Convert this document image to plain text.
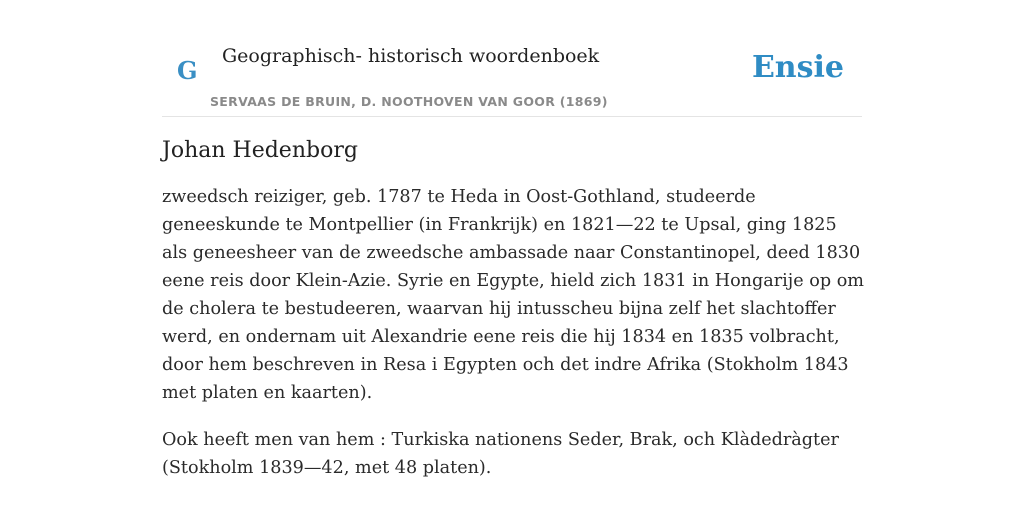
G Geographisch- historisch woordenboek
SERVAAS DE BRUIN, D. NOOTHOVEN VAN GOOR (1869)
Ensie
Johan Hedenborg

zweedsch reiziger, geb. 1787 te Heda in Oost-Gothland, studeerde geneeskunde te Montpellier (in Frankrijk) en 1821—22 te Upsal, ging 1825 als geneesheer van de zweedsche ambassade naar Constantinopel, deed 1830 eene reis door Klein-Azie. Syrie en Egypte, hield zich 1831 in Hongarije op om de cholera te bestudeeren, waarvan hij intusscheu bijna zelf het slachtoffer werd, en ondernam uit Alexandrie eene reis die hij 1834 en 1835 volbracht, door hem beschreven in Resa i Egypten och det indre Afrika (Stokholm 1843 met platen en kaarten).

Ook heeft men van hem : Turkiska nationens Seder, Brak, och Klàdedràgter (Stokholm 1839—42, met 48 platen).
